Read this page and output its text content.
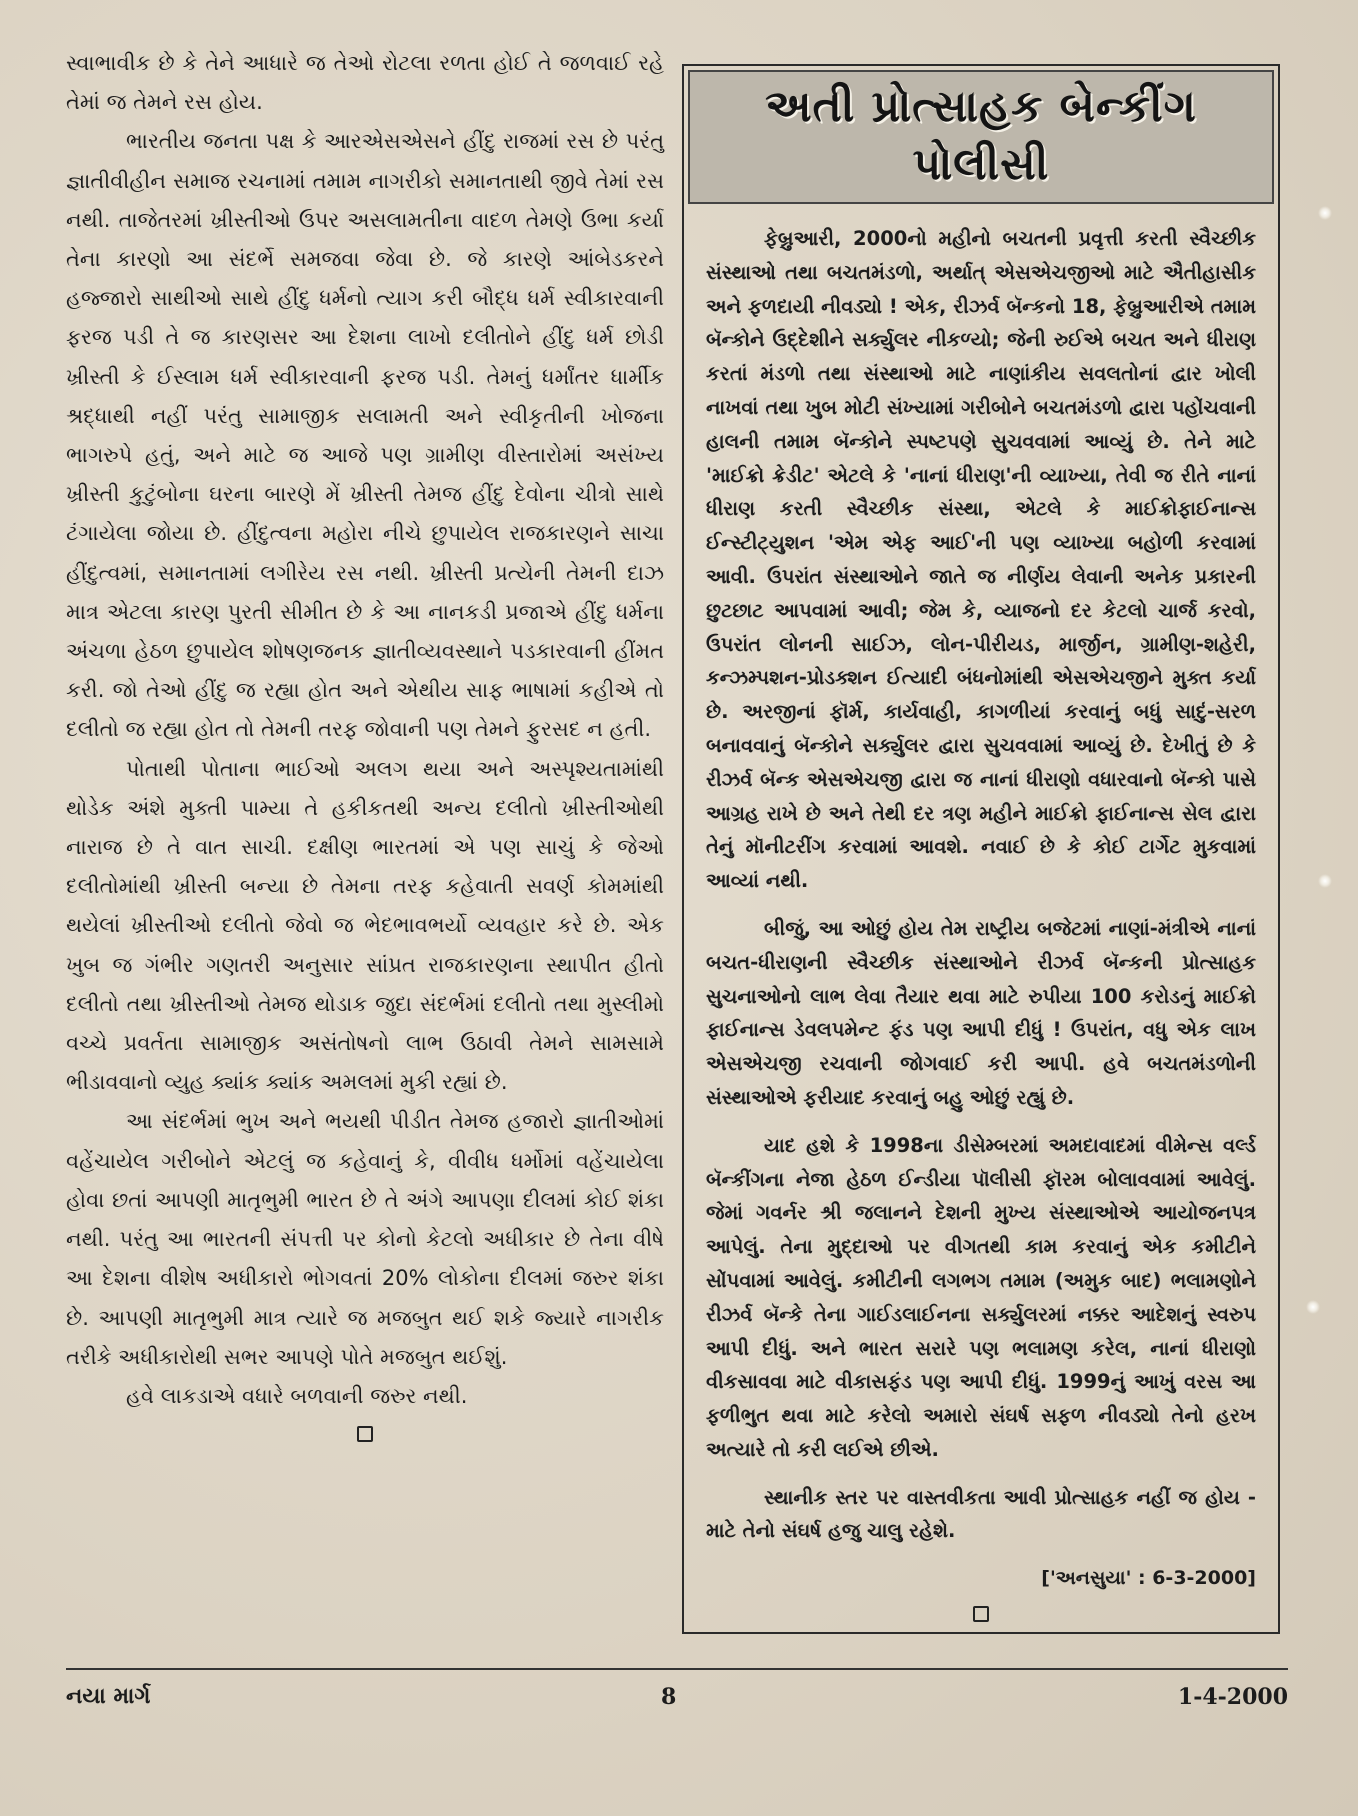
સ્વાભાવીક છે કે તેને આધારે જ તેઓ રોટલા રળતા હોઈ તે જળવાઈ રહે તેમાં જ તેમને રસ હોય.

ભારતીય જનતા પક્ષ કે આરએસએસને હીંદુ રાજમાં રસ છે પરંતુ જ્ઞાતીવીહીન સમાજ રચનામાં તમામ નાગરીકો સમાનતાથી જીવે તેમાં રસ નથી. તાજેતરમાં ખ્રીસ્તીઓ ઉપર અસલામતીના વાદળ તેમણે ઉભા કર્યા તેના કારણો આ સંદર્ભે સમજવા જેવા છે. જે કારણે આંબેડકરને હજ્જારો સાથીઓ સાથે હીંદુ ધર્મનો ત્યાગ કરી બૌદ્ધ ધર્મ સ્વીકારવાની ફરજ પડી તે જ કારણસર આ દેશના લાખો દલીતોને હીંદુ ધર્મ છોડી ખ્રીસ્તી કે ઈસ્લામ ધર્મ સ્વીકારવાની ફરજ પડી. તેમનું ધર્માંતર ધાર્મીક શ્રદ્ધાથી નહીં પરંતુ સામાજીક સલામતી અને સ્વીકૃતીની ખોજના ભાગરુપે હતું, અને માટે જ આજે પણ ગ્રામીણ વીસ્તારોમાં અસંખ્ય ખ્રીસ્તી કુટુંબોના ઘરના બારણે મેં ખ્રીસ્તી તેમજ હીંદુ દેવોના ચીત્રો સાથે ટંગાયેલા જોયા છે. હીંદુત્વના મહોરા નીચે છુપાયેલ રાજકારણને સાચા હીંદુત્વમાં, સમાનતામાં લગીરેય રસ નથી. ખ્રીસ્તી પ્રત્યેની તેમની દાઝ માત્ર એટલા કારણ પુરતી સીમીત છે કે આ નાનકડી પ્રજાએ હીંદુ ધર્મના અંચળા હેઠળ છુપાયેલ શોષણજનક જ્ઞાતીવ્યવસ્થાને પડકારવાની હીંમત કરી. જો તેઓ હીંદુ જ રહ્યા હોત અને એથીય સાફ ભાષામાં કહીએ તો દલીતો જ રહ્યા હોત તો તેમની તરફ જોવાની પણ તેમને ફુરસદ ન હતી.

પોતાથી પોતાના ભાઈઓ અલગ થયા અને અસ્પૃશ્યતામાંથી થોડેક અંશે મુક્તી પામ્યા તે હકીકતથી અન્ય દલીતો ખ્રીસ્તીઓથી નારાજ છે તે વાત સાચી. દક્ષીણ ભારતમાં એ પણ સાચું કે જેઓ દલીતોમાંથી ખ્રીસ્તી બન્યા છે તેમના તરફ કહેવાતી સવર્ણ કોમમાંથી થયેલાં ખ્રીસ્તીઓ દલીતો જેવો જ ભેદભાવભર્યો વ્યવહાર કરે છે. એક ખુબ જ ગંભીર ગણતરી અનુસાર સાંપ્રત રાજકારણના સ્થાપીત હીતો દલીતો તથા ખ્રીસ્તીઓ તેમજ થોડાક જુદા સંદર્ભમાં દલીતો તથા મુસ્લીમો વચ્ચે પ્રવર્તતા સામાજીક અસંતોષનો લાભ ઉઠાવી તેમને સામસામે ભીડાવવાનો વ્યુહ ક્યાંક ક્યાંક અમલમાં મુકી રહ્યાં છે.

આ સંદર્ભમાં ભુખ અને ભયથી પીડીત તેમજ હજારો જ્ઞાતીઓમાં વહેંચાયેલ ગરીબોને એટલું જ કહેવાનું કે, વીવીધ ધર્મોમાં વહેંચાયેલા હોવા છતાં આપણી માતૃભુમી ભારત છે તે અંગે આપણા દીલમાં કોઈ શંકા નથી. પરંતુ આ ભારતની સંપત્તી પર કોનો કેટલો અધીકાર છે તેના વીષે આ દેશના વીશેષ અધીકારો ભોગવતાં 20% લોકોના દીલમાં જરુર શંકા છે. આપણી માતૃભુમી માત્ર ત્યારે જ મજબુત થઈ શકે જ્યારે નાગરીક તરીકે અધીકારોથી સભર આપણે પોતે મજબુત થઈશું.

હવે લાકડાએ વધારે બળવાની જરુર નથી.

અતી પ્રોત્સાહક બેન્કીંગ પોલીસી

ફેબ્રુઆરી, 2000નો મહીનો બચતની પ્રવૃત્તી કરતી સ્વૈચ્છીક સંસ્થાઓ તથા બચતમંડળો, અર્થાત્ એસએચજીઓ માટે ઐતીહાસીક અને ફળદાયી નીવડ્યો ! એક, રીઝર્વ બૅન્કનો 18, ફેબ્રુઆરીએ તમામ બૅન્કોને ઉદ્દેશીને સર્ક્યુલર નીકળ્યો; જેની રુઈએ બચત અને ધીરાણ કરતાં મંડળો તથા સંસ્થાઓ માટે નાણાંકીય સવલતોનાં દ્વાર ખોલી નાખવાં તથા ખુબ મોટી સંખ્યામાં ગરીબોને બચતમંડળો દ્વારા પહોંચવાની હાલની તમામ બૅન્કોને સ્પષ્ટપણે સુચવવામાં આવ્યું છે. તેને માટે 'માઈક્રો ક્રેડીટ' એટલે કે 'નાનાં ધીરાણ'ની વ્યાખ્યા, તેવી જ રીતે નાનાં ધીરાણ કરતી સ્વૈચ્છીક સંસ્થા, એટલે કે માઈક્રોફાઈનાન્સ ઈન્સ્ટીટ્યુશન 'એમ એફ આઈ'ની પણ વ્યાખ્યા બહોળી કરવામાં આવી. ઉપરાંત સંસ્થાઓને જાતે જ નીર્ણય લેવાની અનેક પ્રકારની છુટછાટ આપવામાં આવી; જેમ કે, વ્યાજનો દર કેટલો ચાર્જ કરવો, ઉપરાંત લોનની સાઈઝ, લોન-પીરીયડ, માર્જીન, ગ્રામીણ-શહેરી, કન્ઝમ્પશન-પ્રોડક્શન ઈત્યાદી બંધનોમાંથી એસએચજીને મુક્ત કર્યા છે. અરજીનાં ફૉર્મ, કાર્યવાહી, કાગળીયાં કરવાનું બધું સાદું-સરળ બનાવવાનું બૅન્કોને સર્ક્યુલર દ્વારા સુચવવામાં આવ્યું છે. દેખીતું છે કે રીઝર્વ બૅન્ક એસએચજી દ્વારા જ નાનાં ધીરાણો વધારવાનો બૅન્કો પાસે આગ્રહ રાખે છે અને તેથી દર ત્રણ મહીને માઈક્રો ફાઈનાન્સ સેલ દ્વારા તેનું મૉનીટરીંગ કરવામાં આવશે. નવાઈ છે કે કોઈ ટાર્ગેટ મુકવામાં આવ્યાં નથી.

બીજું, આ ઓછું હોય તેમ રાષ્ટ્રીય બજેટમાં નાણાં-મંત્રીએ નાનાં બચત-ધીરાણની સ્વૈચ્છીક સંસ્થાઓને રીઝર્વ બૅન્કની પ્રોત્સાહક સુચનાઓનો લાભ લેવા તૈયાર થવા માટે રુપીયા 100 કરોડનું માઈક્રો ફાઈનાન્સ ડેવલપમેન્ટ ફંડ પણ આપી દીધું ! ઉપરાંત, વધુ એક લાખ એસએચજી રચવાની જોગવાઈ કરી આપી. હવે બચતમંડળોની સંસ્થાઓએ ફરીયાદ કરવાનું બહુ ઓછું રહ્યું છે.

યાદ હશે કે 1998ના ડીસેમ્બરમાં અમદાવાદમાં વીમેન્સ વર્લ્ડ બૅન્કીંગના નેજા હેઠળ ઈન્ડીયા પૉલીસી ફૉરમ બોલાવવામાં આવેલું. જેમાં ગવર્નર શ્રી જલાનને દેશની મુખ્ય સંસ્થાઓએ આયોજનપત્ર આપેલું. તેના મુદ્દાઓ પર વીગતથી કામ કરવાનું એક કમીટીને સોંપવામાં આવેલું. કમીટીની લગભગ તમામ (અમુક બાદ) ભલામણોને રીઝર્વ બૅન્કે તેના ગાઈડલાઈનના સર્ક્યુલરમાં નક્કર આદેશનું સ્વરુપ આપી દીધું. અને ભારત સરારે પણ ભલામણ કરેલ, નાનાં ધીરાણો વીકસાવવા માટે વીકાસફંડ પણ આપી દીધું. 1999નું આખું વરસ આ ફળીભુત થવા માટે કરેલો અમારો સંઘર્ષ સફળ નીવડ્યો તેનો હરખ અત્યારે તો કરી લઈએ છીએ.

સ્થાનીક સ્તર પર વાસ્તવીકતા આવી પ્રોત્સાહક નહીં જ હોય - માટે તેનો સંઘર્ષ હજુ ચાલુ રહેશે.

['અનસુયા' : 6-3-2000]
નયા માર્ગ	8	1-4-2000
